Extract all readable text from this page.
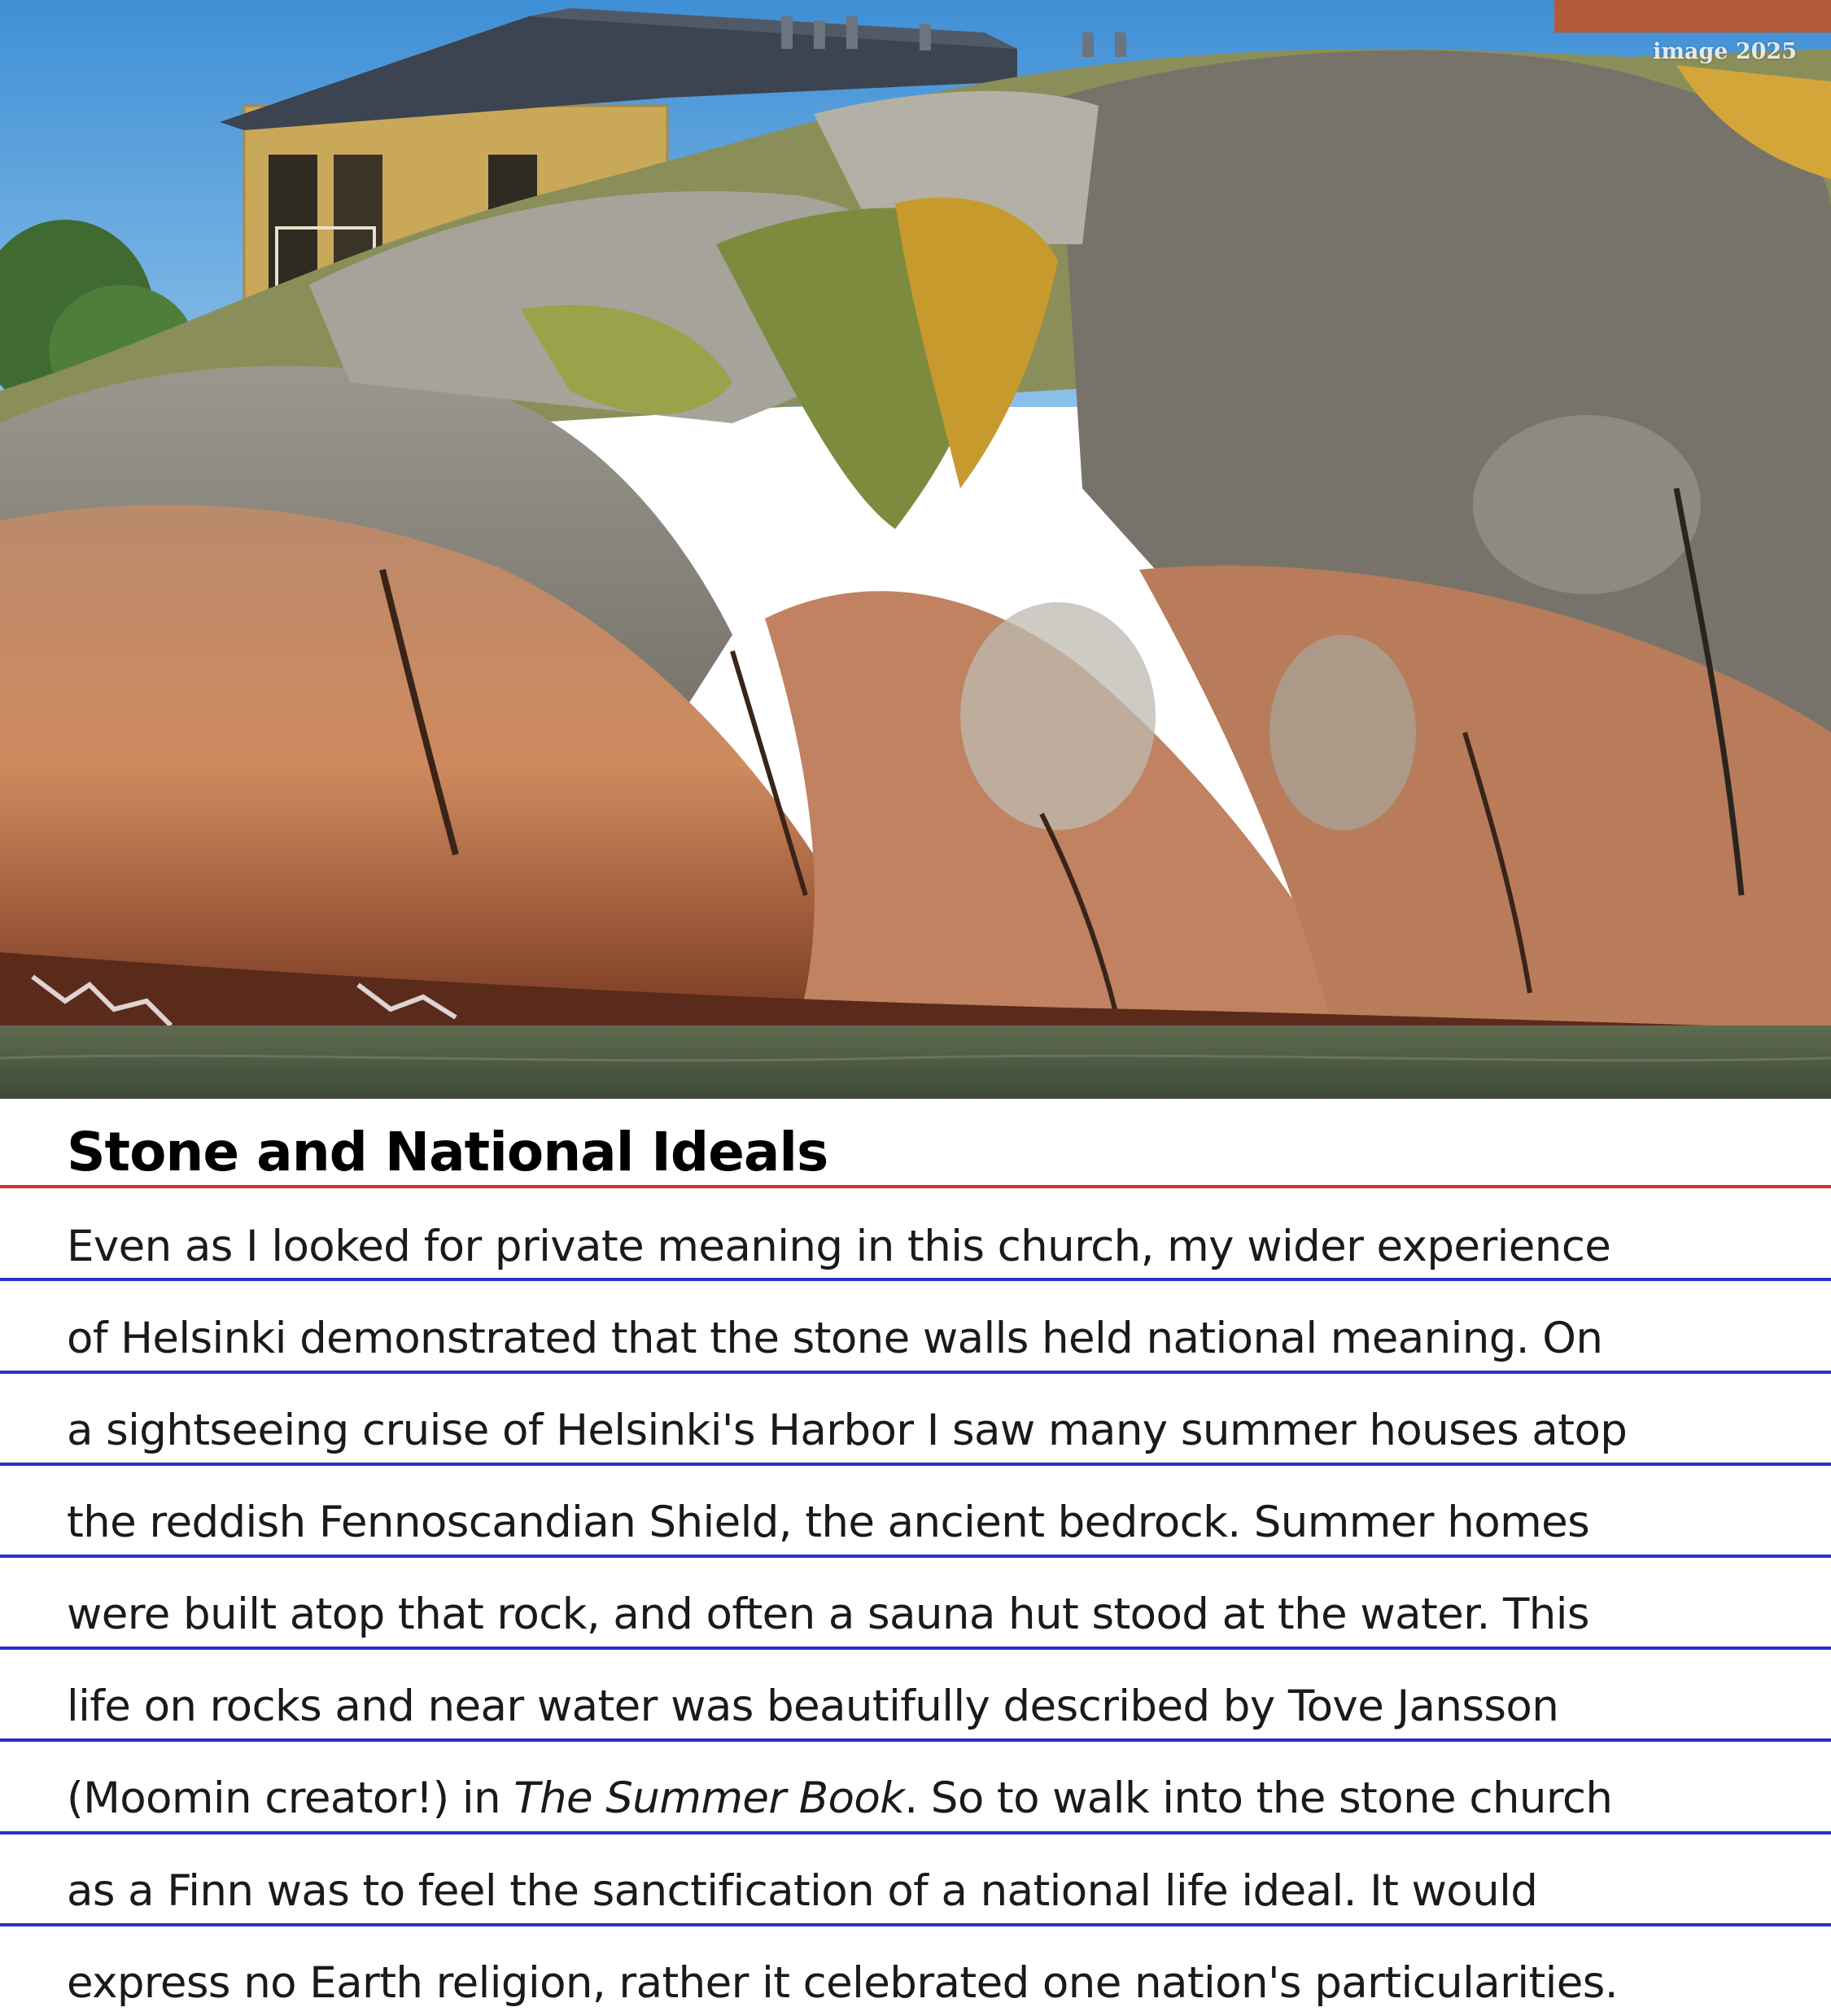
image 2025
Stone and National Ideals
Even as I looked for private meaning in this church, my wider experience
of Helsinki demonstrated that the stone walls held national meaning. On
a sightseeing cruise of Helsinki's Harbor I saw many summer houses atop
the reddish Fennoscandian Shield, the ancient bedrock. Summer homes
were built atop that rock, and often a sauna hut stood at the water. This
life on rocks and near water was beautifully described by Tove Jansson
(Moomin creator!) in The Summer Book. So to walk into the stone church
as a Finn was to feel the sanctification of a national life ideal. It would
express no Earth religion, rather it celebrated one nation's particularities.
